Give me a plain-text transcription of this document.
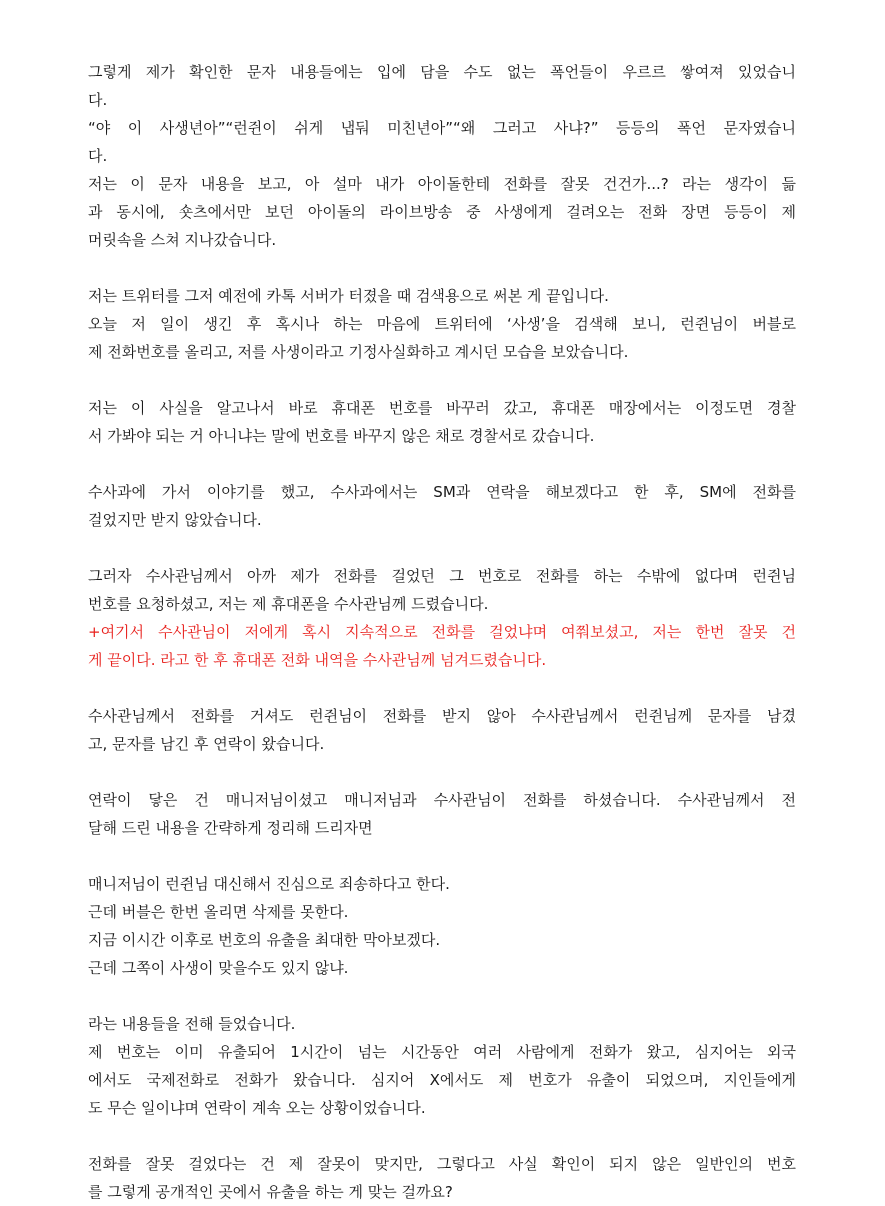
그렇게 제가 확인한 문자 내용들에는 입에 담을 수도 없는 폭언들이 우르르 쌓여져 있었습니
다.
“야 이 사생년아”“런쥔이 쉬게 냅둬 미친년아”“왜 그러고 사냐?” 등등의 폭언 문자였습니
다.
저는 이 문자 내용을 보고, 아 설마 내가 아이돌한테 전화를 잘못 건건가...? 라는 생각이 듦
과 동시에, 숏츠에서만 보던 아이돌의 라이브방송 중 사생에게 걸려오는 전화 장면 등등이 제
머릿속을 스쳐 지나갔습니다.
저는 트위터를 그저 예전에 카톡 서버가 터졌을 때 검색용으로 써본 게 끝입니다.
오늘 저 일이 생긴 후 혹시나 하는 마음에 트위터에 ‘사생’을 검색해 보니, 런쥔님이 버블로
제 전화번호를 올리고, 저를 사생이라고 기정사실화하고 계시던 모습을 보았습니다.
저는 이 사실을 알고나서 바로 휴대폰 번호를 바꾸러 갔고, 휴대폰 매장에서는 이정도면 경찰
서 가봐야 되는 거 아니냐는 말에 번호를 바꾸지 않은 채로 경찰서로 갔습니다.
수사과에 가서 이야기를 했고, 수사과에서는 SM과 연락을 해보겠다고 한 후, SM에 전화를
걸었지만 받지 않았습니다.
그러자 수사관님께서 아까 제가 전화를 걸었던 그 번호로 전화를 하는 수밖에 없다며 런쥔님
번호를 요청하셨고, 저는 제 휴대폰을 수사관님께 드렸습니다.
+여기서 수사관님이 저에게 혹시 지속적으로 전화를 걸었냐며 여쭤보셨고, 저는 한번 잘못 건
게 끝이다. 라고 한 후 휴대폰 전화 내역을 수사관님께 넘겨드렸습니다.
수사관님께서 전화를 거셔도 런쥔님이 전화를 받지 않아 수사관님께서 런쥔님께 문자를 남겼
고, 문자를 남긴 후 연락이 왔습니다.
연락이 닿은 건 매니저님이셨고 매니저님과 수사관님이 전화를 하셨습니다. 수사관님께서 전
달해 드린 내용을 간략하게 정리해 드리자면
매니저님이 런쥔님 대신해서 진심으로 죄송하다고 한다.
근데 버블은 한번 올리면 삭제를 못한다.
지금 이시간 이후로 번호의 유출을 최대한 막아보겠다.
근데 그쪽이 사생이 맞을수도 있지 않냐.
라는 내용들을 전해 들었습니다.
제 번호는 이미 유출되어 1시간이 넘는 시간동안 여러 사람에게 전화가 왔고, 심지어는 외국
에서도 국제전화로 전화가 왔습니다. 심지어 X에서도 제 번호가 유출이 되었으며, 지인들에게
도 무슨 일이냐며 연락이 계속 오는 상황이었습니다.
전화를 잘못 걸었다는 건 제 잘못이 맞지만, 그렇다고 사실 확인이 되지 않은 일반인의 번호
를 그렇게 공개적인 곳에서 유출을 하는 게 맞는 걸까요?
